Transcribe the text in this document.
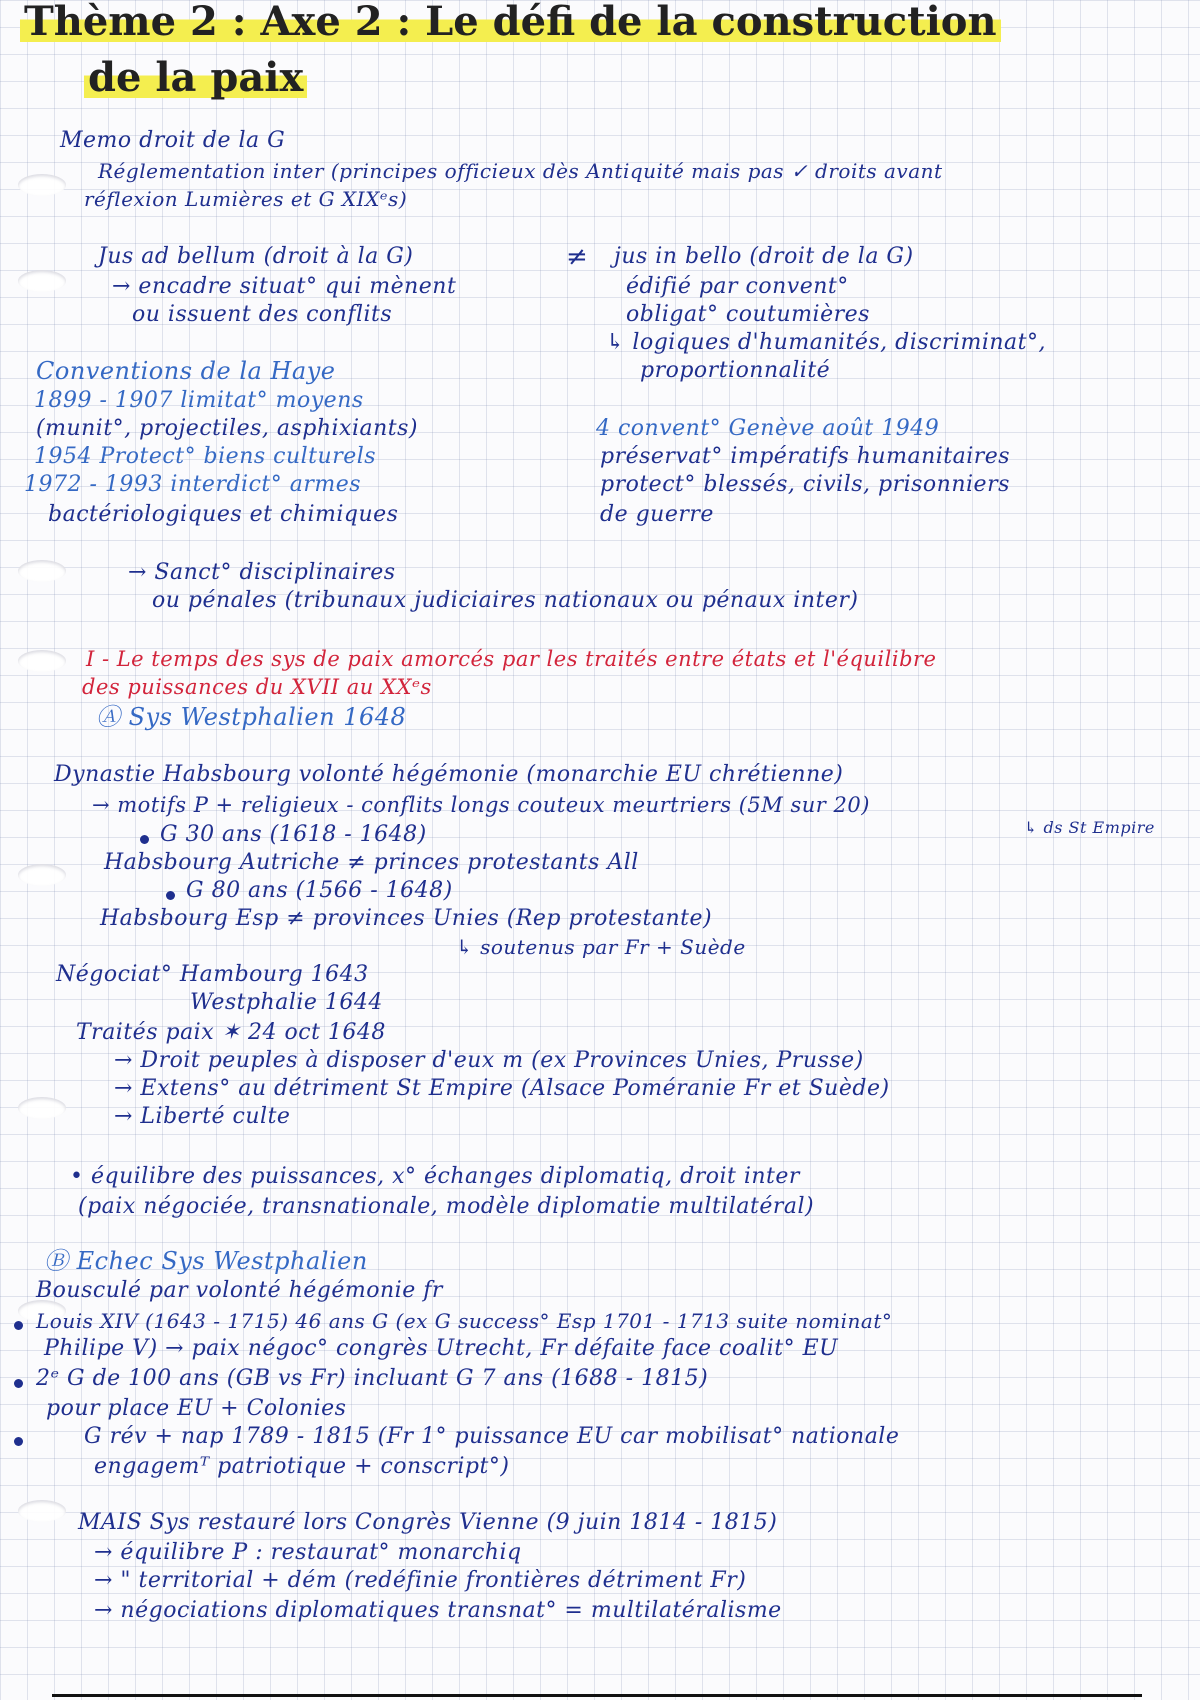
Thème 2 : Axe 2 : Le défi de la construction
de la paix
Memo droit de la G
Réglementation inter (principes officieux dès Antiquité mais pas ✓ droits avant
réflexion Lumières et G XIXᵉs)
Jus ad bellum (droit à la G)	≠ jus in bello (droit de la G)
→ encadre situat° qui mènent
ou issuent des conflits
édifié par convent°
obligat° coutumières
↳ logiques d'humanités, discriminat°,
proportionnalité
Conventions de la Haye
1899 - 1907 limitat° moyens
(munit°, projectiles, asphixiants)
1954 Protect° biens culturels
1972 - 1993 interdict° armes
bactériologiques et chimiques
4 convent° Genève août 1949
préservat° impératifs humanitaires
protect° blessés, civils, prisonniers
de guerre
→ Sanct° disciplinaires
ou pénales (tribunaux judiciaires nationaux ou pénaux inter)
I - Le temps des sys de paix amorcés par les traités entre états et l'équilibre
des puissances du XVII au XXᵉs
Ⓐ Sys Westphalien 1648
Dynastie Habsbourg volonté hégémonie (monarchie EU chrétienne)
→ motifs P + religieux - conflits longs couteux meurtriers (5M sur 20)
↳ ds St Empire
G 30 ans (1618 - 1648)
Habsbourg Autriche ≠ princes protestants All
G 80 ans (1566 - 1648)
Habsbourg Esp ≠ provinces Unies (Rep protestante)
↳ soutenus par Fr + Suède
Négociat° Hambourg 1643
Westphalie 1644
Traités paix ✶ 24 oct 1648
→ Droit peuples à disposer d'eux m (ex Provinces Unies, Prusse)
→ Extens° au détriment St Empire (Alsace Poméranie Fr et Suède)
→ Liberté culte
• équilibre des puissances, x° échanges diplomatiq, droit inter
(paix négociée, transnationale, modèle diplomatie multilatéral)
Ⓑ Echec Sys Westphalien
Bousculé par volonté hégémonie fr
Louis XIV (1643 - 1715) 46 ans G (ex G success° Esp 1701 - 1713 suite nominat°
Philipe V) → paix négoc° congrès Utrecht, Fr défaite face coalit° EU
2ᵉ G de 100 ans (GB vs Fr) incluant G 7 ans (1688 - 1815)
pour place EU + Colonies
G rév + nap 1789 - 1815 (Fr 1° puissance EU car mobilisat° nationale
engagemᵀ patriotique + conscript°)
MAIS Sys restauré lors Congrès Vienne (9 juin 1814 - 1815)
→ équilibre P : restaurat° monarchiq
→ " territorial + dém (redéfinie frontières détriment Fr)
→ négociations diplomatiques transnat° = multilatéralisme
